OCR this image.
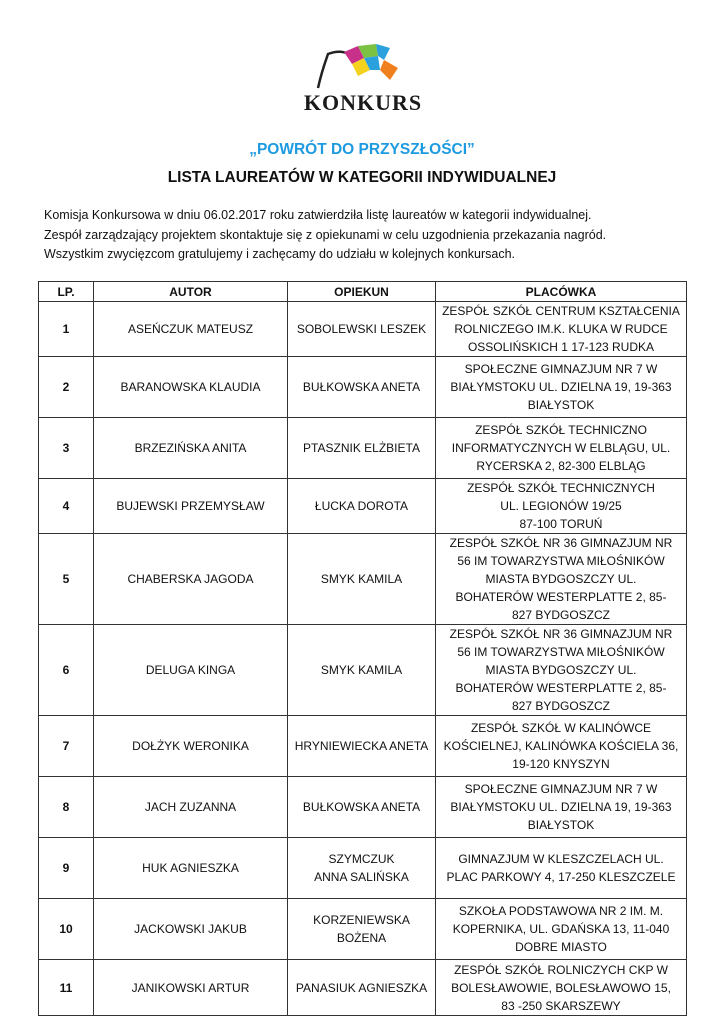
KONKURS
„POWRÓT DO PRZYSZŁOŚCI”
LISTA LAUREATÓW W KATEGORII INDYWIDUALNEJ

Komisja Konkursowa w dniu 06.02.2017 roku zatwierdziła listę laureatów w kategorii indywidualnej.

Zespół zarządzający projektem skontaktuje się z opiekunami w celu uzgodnienia przekazania nagród.

Wszystkim zwycięzcom gratulujemy i zachęcamy do udziału w kolejnych konkursach.

LP.	AUTOR	OPIEKUN	PLACÓWKA
1	ASEŃCZUK MATEUSZ	SOBOLEWSKI LESZEK	ZESPÓŁ SZKÓŁ CENTRUM KSZTAŁCENIA
ROLNICZEGO IM.K. KLUKA W RUDCE
OSSOLIŃSKICH 1 17-123 RUDKA
2	BARANOWSKA KLAUDIA	BUŁKOWSKA ANETA	SPOŁECZNE GIMNAZJUM NR 7 W
BIAŁYMSTOKU UL. DZIELNA 19, 19-363
BIAŁYSTOK
3	BRZEZIŃSKA ANITA	PTASZNIK ELŻBIETA	ZESPÓŁ SZKÓŁ TECHNICZNO
INFORMATYCZNYCH W ELBLĄGU, UL.
RYCERSKA 2, 82-300 ELBLĄG
4	BUJEWSKI PRZEMYSŁAW	ŁUCKA DOROTA	ZESPÓŁ SZKÓŁ TECHNICZNYCH
UL. LEGIONÓW 19/25
87-100 TORUŃ
5	CHABERSKA JAGODA	SMYK KAMILA	ZESPÓŁ SZKÓŁ NR 36 GIMNAZJUM NR
56 IM TOWARZYSTWA MIŁOŚNIKÓW
MIASTA BYDGOSZCZY UL.
BOHATERÓW WESTERPLATTE 2, 85-
827 BYDGOSZCZ
6	DELUGA KINGA	SMYK KAMILA	ZESPÓŁ SZKÓŁ NR 36 GIMNAZJUM NR
56 IM TOWARZYSTWA MIŁOŚNIKÓW
MIASTA BYDGOSZCZY UL.
BOHATERÓW WESTERPLATTE 2, 85-
827 BYDGOSZCZ
7	DOŁŻYK WERONIKA	HRYNIEWIECKA ANETA	ZESPÓŁ SZKÓŁ W KALINÓWCE
KOŚCIELNEJ, KALINÓWKA KOŚCIELA 36,
19-120 KNYSZYN
8	JACH ZUZANNA	BUŁKOWSKA ANETA	SPOŁECZNE GIMNAZJUM NR 7 W
BIAŁYMSTOKU UL. DZIELNA 19, 19-363
BIAŁYSTOK
9	HUK AGNIESZKA	SZYMCZUK
ANNA SALIŃSKA	GIMNAZJUM W KLESZCZELACH UL.
PLAC PARKOWY 4, 17-250 KLESZCZELE
10	JACKOWSKI JAKUB	KORZENIEWSKA
BOŻENA	SZKOŁA PODSTAWOWA NR 2 IM. M.
KOPERNIKA, UL. GDAŃSKA 13, 11-040
DOBRE MIASTO
11	JANIKOWSKI ARTUR	PANASIUK AGNIESZKA	ZESPÓŁ SZKÓŁ ROLNICZYCH CKP W
BOLESŁAWOWIE, BOLESŁAWOWO 15,
83 -250 SKARSZEWY
